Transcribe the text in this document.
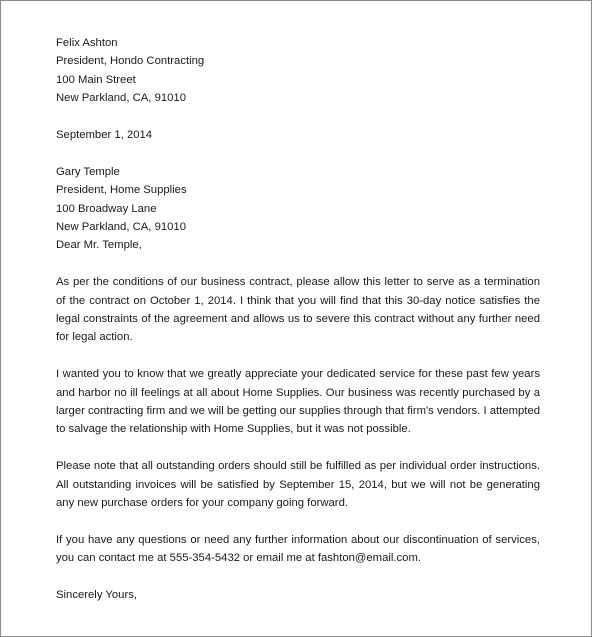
Felix Ashton
President, Hondo Contracting
100 Main Street
New Parkland, CA, 91010
September 1, 2014
Gary Temple
President, Home Supplies
100 Broadway Lane
New Parkland, CA, 91010
Dear Mr. Temple,

As per the conditions of our business contract, please allow this letter to serve as a termination of the contract on October 1, 2014. I think that you will find that this 30-day notice satisfies the legal constraints of the agreement and allows us to severe this contract without any further need for legal action.

I wanted you to know that we greatly appreciate your dedicated service for these past few years and harbor no ill feelings at all about Home Supplies. Our business was recently purchased by a larger contracting firm and we will be getting our supplies through that firm's vendors. I attempted to salvage the relationship with Home Supplies, but it was not possible.

Please note that all outstanding orders should still be fulfilled as per individual order instructions. All outstanding invoices will be satisfied by September 15, 2014, but we will not be generating any new purchase orders for your company going forward.

If you have any questions or need any further information about our discontinuation of services, you can contact me at 555-354-5432 or email me at fashton@email.com.

Sincerely Yours,
